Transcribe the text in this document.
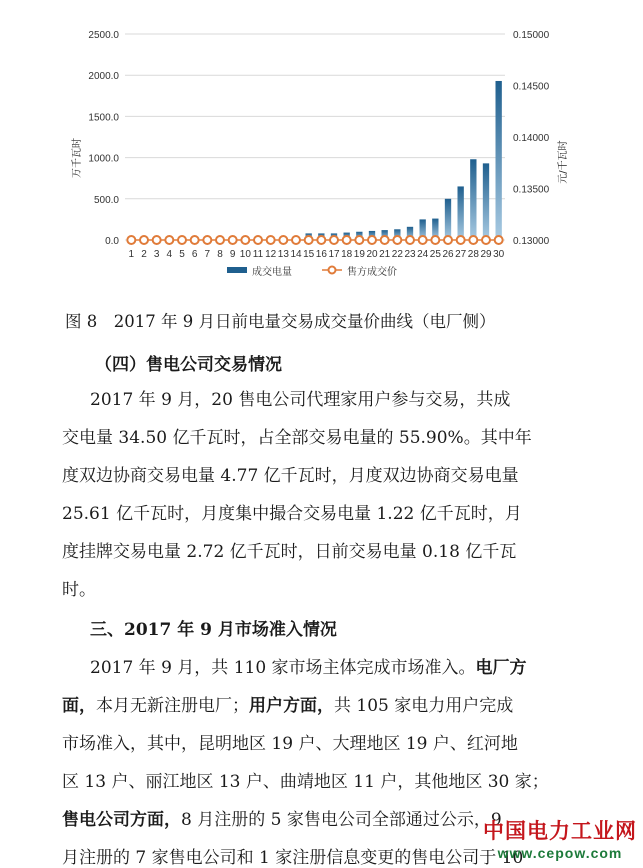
0.0
500.0
1000.0
1500.0
2000.0
2500.0
0.13000
0.13500
0.14000
0.14500
0.15000
1 2 3 4 5 6 7 8 9 10 11 12 13 14 15 16 17 18 19 20 21 22 23 24 25 26 27 28 29 30
万千瓦时	元/千瓦时
成交电量	售方成交价
图 8　2017 年 9 月日前电量交易成交量价曲线（电厂侧）
（四）售电公司交易情况
2017 年 9 月，20 售电公司代理家用户参与交易，共成
交电量 34.50 亿千瓦时，占全部交易电量的 55.90%。其中年
度双边协商交易电量 4.77 亿千瓦时，月度双边协商交易电量
25.61 亿千瓦时，月度集中撮合交易电量 1.22 亿千瓦时，月
度挂牌交易电量 2.72 亿千瓦时，日前交易电量 0.18 亿千瓦
时。
三、2017 年 9 月市场准入情况
2017 年 9 月，共 110 家市场主体完成市场准入。电厂方
面，本月无新注册电厂；用户方面，共 105 家电力用户完成
市场准入，其中，昆明地区 19 户、大理地区 19 户、红河地
区 13 户、丽江地区 13 户、曲靖地区 11 户，其他地区 30 家；
售电公司方面，8 月注册的 5 家售电公司全部通过公示，9
月注册的 7 家售电公司和 1 家注册信息变更的售电公司于 10
中国电力工业网
www.cepow.com
